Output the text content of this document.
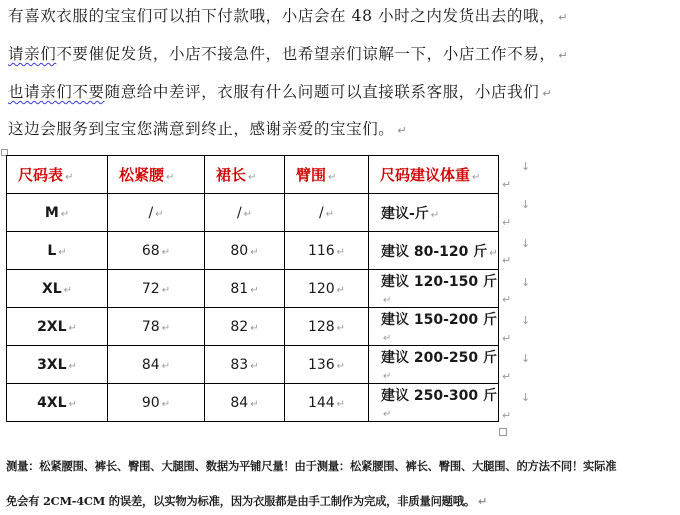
有喜欢衣服的宝宝们可以拍下付款哦，小店会在 48 小时之内发货出去的哦， ↵
请亲们不要催促发货，小店不接急件，也希望亲们谅解一下，小店工作不易， ↵
也请亲们不要随意给中差评，衣服有什么问题可以直接联系客服，小店我们 ↵
这边会服务到宝宝您满意到终止，感谢亲爱的宝宝们。 ↵
尺码表 ↵	松紧腰 ↵	裙长 ↵	臂围 ↵	尺码建议体重 ↵
M ↵	/ ↵	/ ↵	/ ↵	建议-斤 ↵
L ↵	68 ↵	80 ↵	116 ↵	建议 80-120 斤 ↵
XL ↵	72 ↵	81 ↵	120 ↵	建议 120-150 斤↵
2XL ↵	78 ↵	82 ↵	128 ↵	建议 150-200 斤↵
3XL ↵	84 ↵	83 ↵	136 ↵	建议 200-250 斤↵
4XL ↵	90 ↵	84 ↵	144 ↵	建议 250-300 斤↵
↓
↵
↓
↵
↓
↵
↓
↵
↓
↵
↓
↵
↓
↵
测量：松紧腰围、裤长、臀围、大腿围、数据为平铺尺量！由于测量：松紧腰围、裤长、臀围、大腿围、的方法不同！实际准
免会有 2CM-4CM 的误差，以实物为标准，因为衣服都是由手工制作为完成，非质量问题哦。 ↵
